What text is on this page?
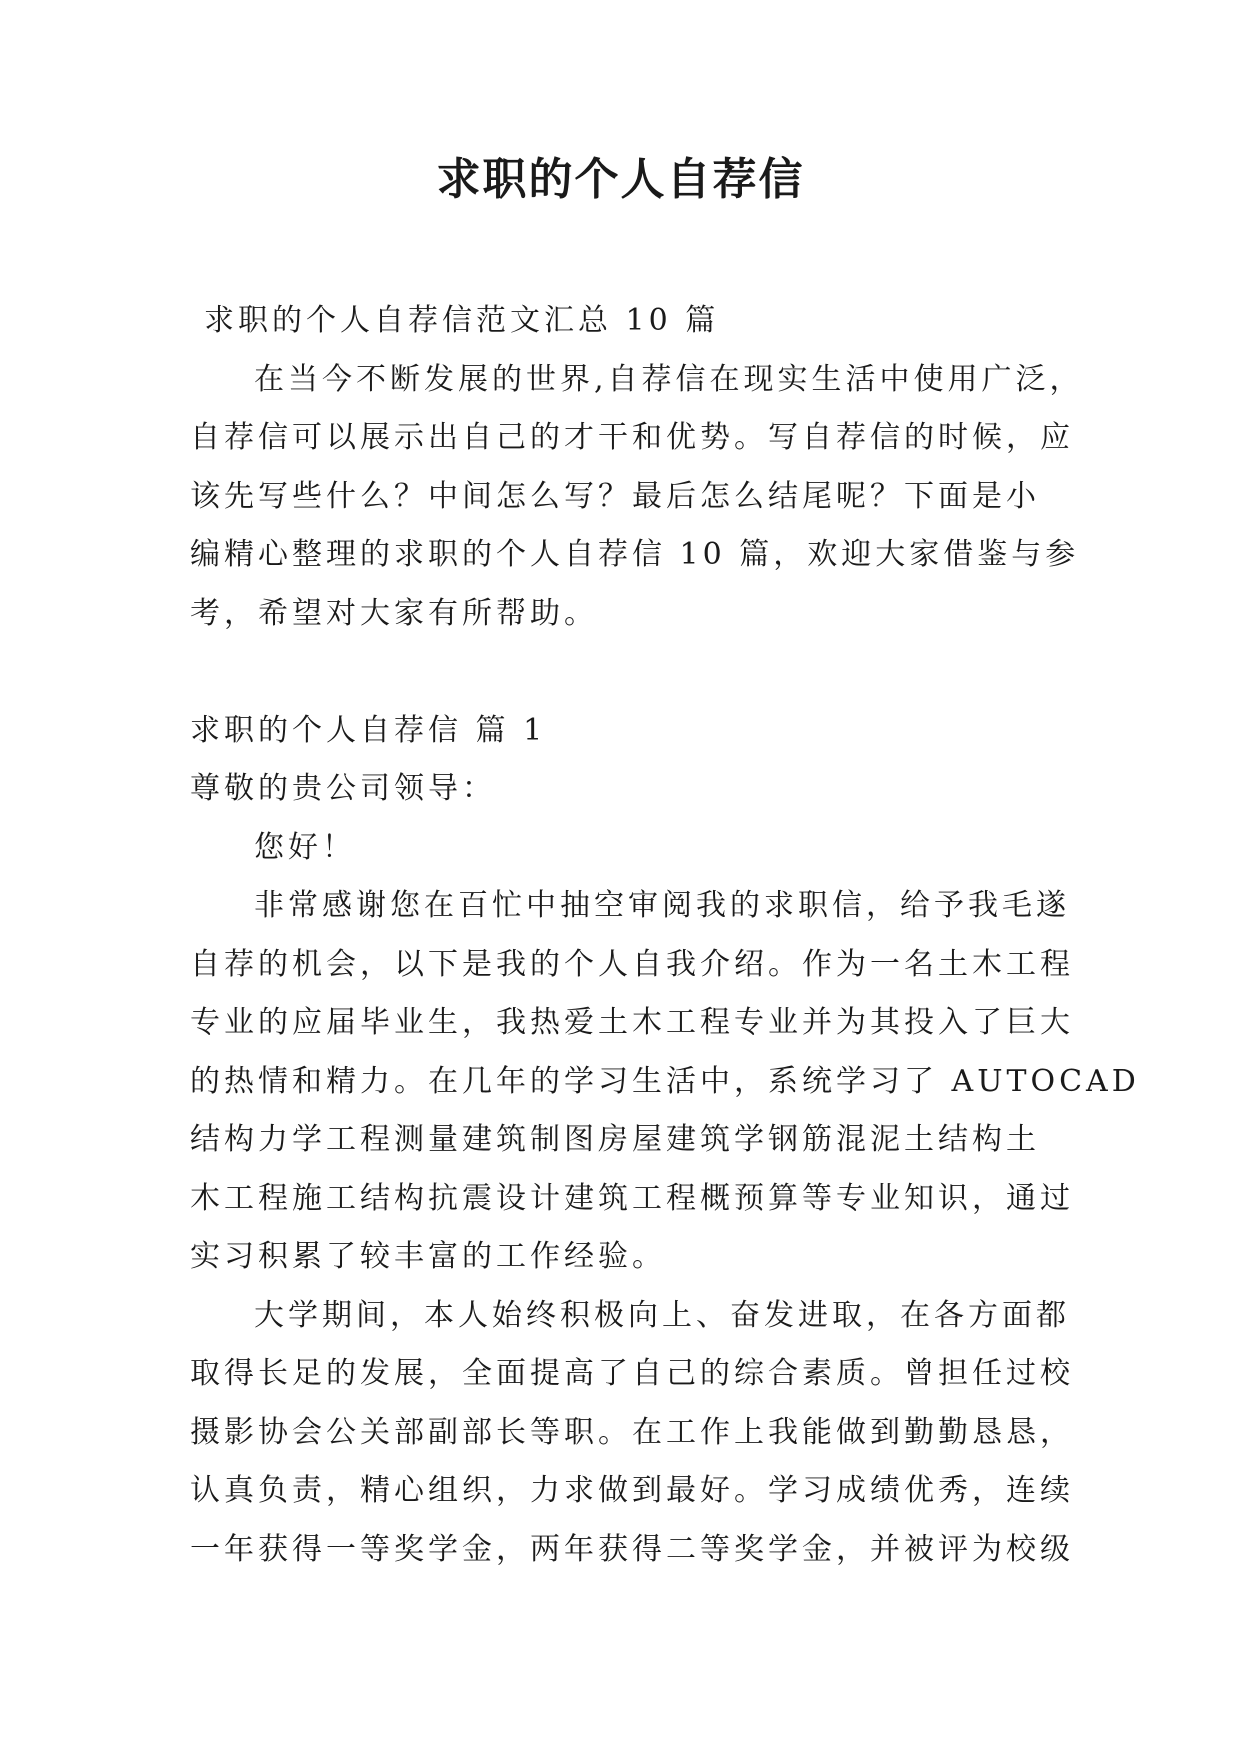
求职的个人自荐信
求职的个人自荐信范文汇总 10 篇
在当今不断发展的世界,自荐信在现实生活中使用广泛，
自荐信可以展示出自己的才干和优势。写自荐信的时候，应
该先写些什么？中间怎么写？最后怎么结尾呢？下面是小
编精心整理的求职的个人自荐信 10 篇，欢迎大家借鉴与参
考，希望对大家有所帮助。
求职的个人自荐信 篇 1
尊敬的贵公司领导：
您好！
非常感谢您在百忙中抽空审阅我的求职信，给予我毛遂
自荐的机会，以下是我的个人自我介绍。作为一名土木工程
专业的应届毕业生，我热爱土木工程专业并为其投入了巨大
的热情和精力。在几年的学习生活中，系统学习了 AUTOCAD
结构力学工程测量建筑制图房屋建筑学钢筋混泥土结构土
木工程施工结构抗震设计建筑工程概预算等专业知识，通过
实习积累了较丰富的工作经验。
大学期间，本人始终积极向上、奋发进取，在各方面都
取得长足的发展，全面提高了自己的综合素质。曾担任过校
摄影协会公关部副部长等职。在工作上我能做到勤勤恳恳，
认真负责，精心组织，力求做到最好。学习成绩优秀，连续
一年获得一等奖学金，两年获得二等奖学金，并被评为校级
